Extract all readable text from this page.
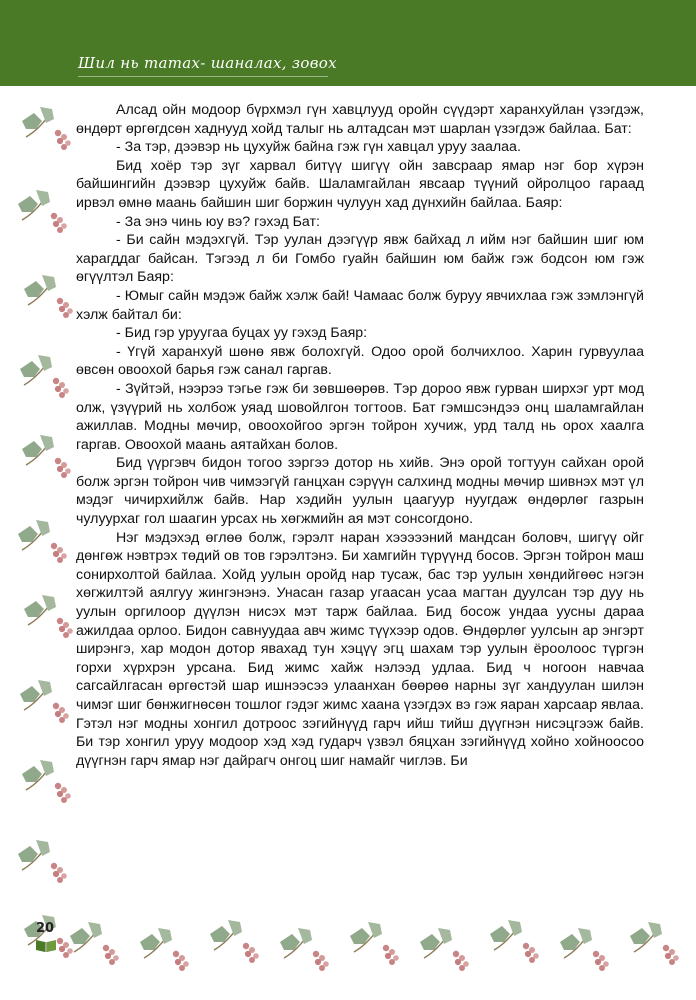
Шил нь татах- шаналах, зовох

Алсад ойн модоор бүрхмэл гүн хавцлууд оройн сүүдэрт харанхуйлан үзэгдэж, өндөрт өргөгдсөн хаднууд хойд талыг нь алтадсан мэт шарлан үзэгдэж байлаа. Бат:

- За тэр, дээвэр нь цухуйж байна гэж гүн хавцал уруу заалаа.

Бид хоёр тэр зүг харвал битүү шигүү ойн завсраар ямар нэг бор хүрэн байшингийн дээвэр цухуйж байв. Шаламгайлан явсаар түүний ойролцоо гараад ирвэл өмнө маань байшин шиг боржин чулуун хад дүнхийн байлаа. Баяр:

- За энэ чинь юу вэ? гэхэд Бат:

- Би сайн мэдэхгүй. Тэр уулан дээгүүр явж байхад л ийм нэг байшин шиг юм харагддаг байсан. Тэгээд л би Гомбо гуайн байшин юм байж гэж бодсон юм гэж өгүүлтэл Баяр:

- Юмыг сайн мэдэж байж хэлж бай! Чамаас болж буруу явчихлаа гэж зэмлэнгүй хэлж байтал би:

- Бид гэр уруугаа буцах уу гэхэд Баяр:

- Үгүй харанхуй шөнө явж болохгүй. Одоо орой болчихлоо. Харин гурвуулаа өвсөн овоохой барья гэж санал гаргав.

- Зүйтэй, нээрээ тэгье гэж би зөвшөөрөв. Тэр дороо явж гурван ширхэг урт мод олж, үзүүрий нь холбож уяад шовойлгон тогтоов. Бат гэмшсэндээ онц шаламгайлан ажиллав. Модны мөчир, овоохойгоо эргэн тойрон хучиж, урд талд нь орох хаалга гаргав. Овоохой маань аятайхан болов.

Бид үүргэвч бидон тогоо зэргээ дотор нь хийв. Энэ орой тогтуун сайхан орой болж эргэн тойрон чив чимээгүй ганцхан сэрүүн салхинд модны мөчир шивнэх мэт үл мэдэг чичирхийлж байв. Нар хэдийн уулын цаагуур нуугдаж өндөрлөг газрын чулуурхаг гол шаагин урсах нь хөгжмийн ая мэт сонсогдоно.

Нэг мэдэхэд өглөө болж, гэрэлт наран хэээээний мандсан боловч, шигүү ойг дөнгөж нэвтрэх төдий ов тов гэрэлтэнэ. Би хамгийн түрүүнд босов. Эргэн тойрон маш сонирхолтой байлаа. Хойд уулын оройд нар тусаж, бас тэр уулын хөндийгөөс нэгэн хөгжилтэй аялгуу жингэнэнэ. Унасан газар угаасан усаа магтан дуулсан тэр дуу нь уулын оргилоор дүүлэн нисэх мэт тарж байлаа. Бид босож ундаа уусны дараа ажилдаа орлоо. Бидон савнуудаа авч жимс түүхээр одов. Өндөрлөг уулсын ар энгэрт ширэнгэ, хар модон дотор явахад тун хэцүү эгц шахам тэр уулын ёроолоос түргэн горхи хүрхрэн урсана. Бид жимс хайж нэлээд удлаа. Бид ч ногоон навчаа сагсайлгасан өргөстэй шар ишнээсээ улаанхан бөөрөө нарны зүг хандуулан шилэн чимэг шиг бөнжигнөсөн тошлог гэдэг жимс хаана үзэгдэх вэ гэж яаран харсаар явлаа. Гэтэл нэг модны хонгил дотроос зэгийнүүд гарч ийш тийш дүүгнэн нисэцгээж байв. Би тэр хонгил уруу модоор хэд хэд гударч үзвэл бяцхан зэгийнүүд хойно хойноосоо дүүгнэн гарч ямар нэг дайрагч онгоц шиг намайг чиглэв. Би

20
